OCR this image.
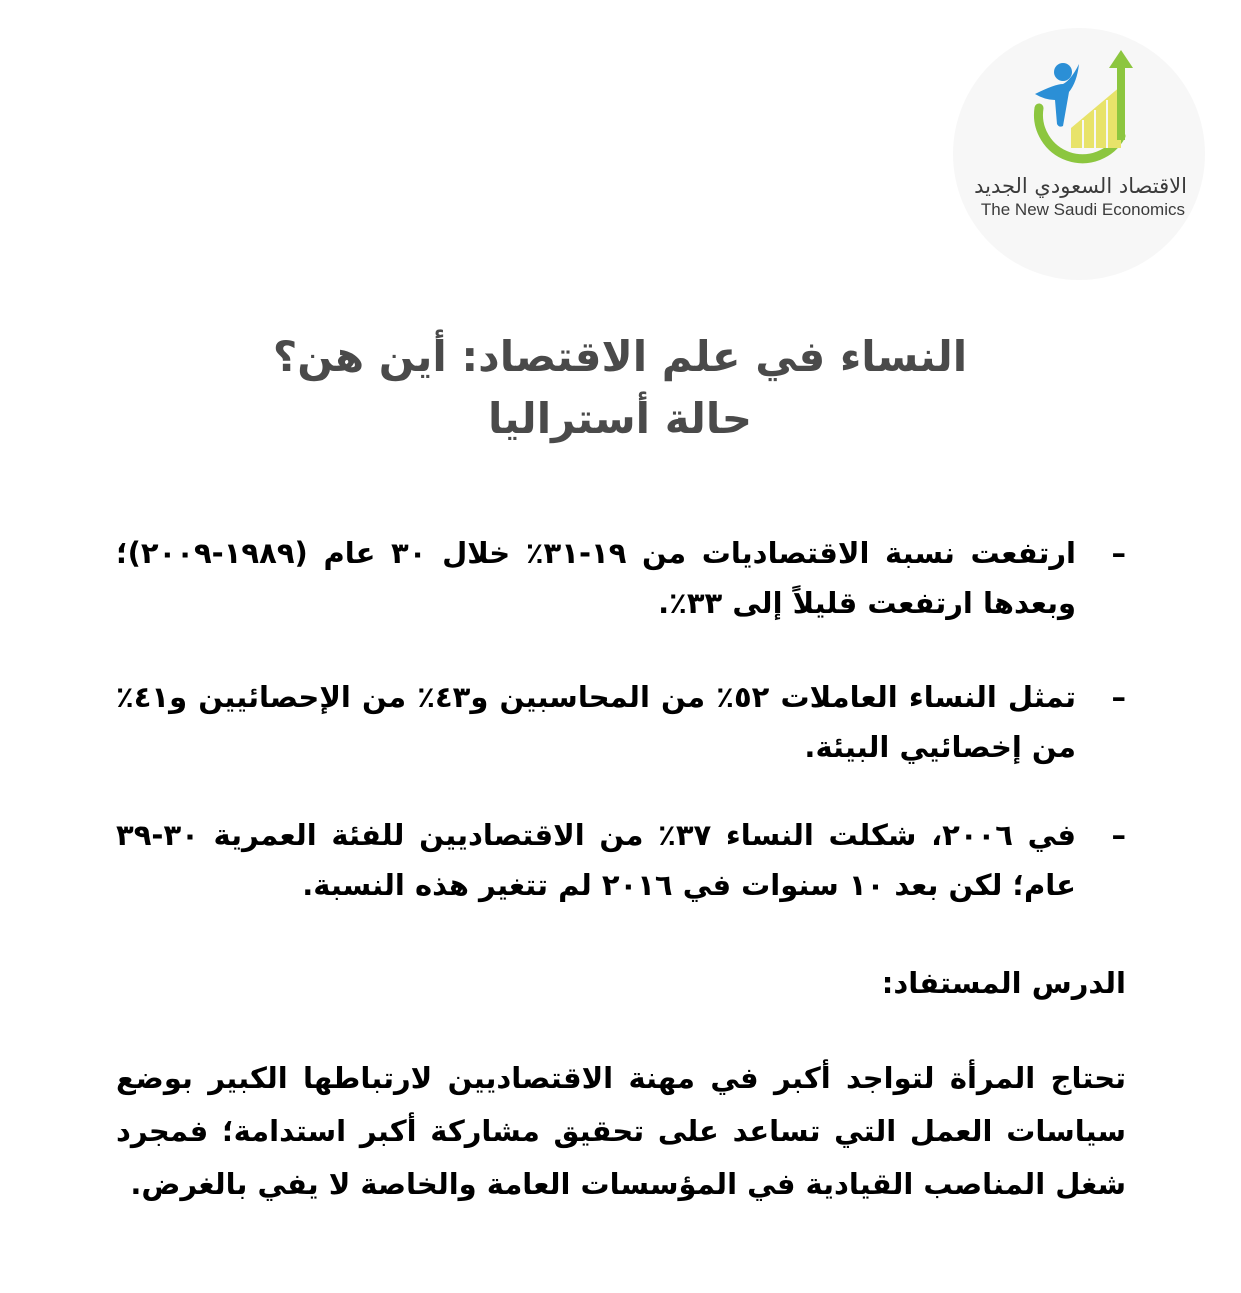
الاقتصاد السعودي الجديد
The New Saudi Economics
النساء في علم الاقتصاد: أين هن؟
حالة أستراليا
–
ارتفعت نسبة الاقتصاديات من ١٩-٣١٪ خلال ٣٠ عام (١٩٨٩-٢٠٠٩)؛ وبعدها ارتفعت قليلاً إلى ٣٣٪.
–
تمثل النساء العاملات ٥٢٪ من المحاسبين و٤٣٪ من الإحصائيين و٤١٪ من إخصائيي البيئة.
–
في ٢٠٠٦، شكلت النساء ٣٧٪ من الاقتصاديين للفئة العمرية ٣٠-٣٩ عام؛ لكن بعد ١٠ سنوات في ٢٠١٦ لم تتغير هذه النسبة.
الدرس المستفاد:
تحتاج المرأة لتواجد أكبر في مهنة الاقتصاديين لارتباطها الكبير بوضع سياسات العمل التي تساعد على تحقيق مشاركة أكبر استدامة؛ فمجرد شغل المناصب القيادية في المؤسسات العامة والخاصة لا يفي بالغرض.
